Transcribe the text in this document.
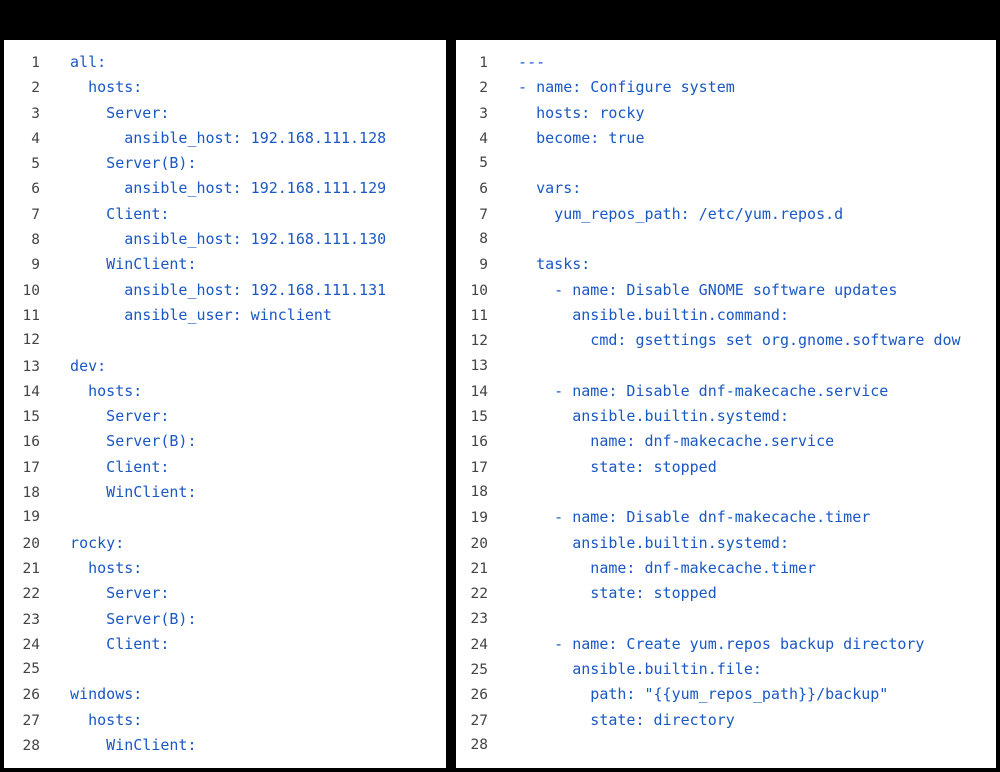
1 all:
2 hosts:
3 Server:
4 ansible_host: 192.168.111.128
5 Server(B):
6 ansible_host: 192.168.111.129
7 Client:
8 ansible_host: 192.168.111.130
9 WinClient:
10 ansible_host: 192.168.111.131
11 ansible_user: winclient
12
13 dev:
14 hosts:
15 Server:
16 Server(B):
17 Client:
18 WinClient:
19
20 rocky:
21 hosts:
22 Server:
23 Server(B):
24 Client:
25
26 windows:
27 hosts:
28 WinClient:
1 ---
2 - name: Configure system
3 hosts: rocky
4 become: true
5
6 vars:
7 yum_repos_path: /etc/yum.repos.d
8
9 tasks:
10 - name: Disable GNOME software updates
11 ansible.builtin.command:
12 cmd: gsettings set org.gnome.software dow
13
14 - name: Disable dnf-makecache.service
15 ansible.builtin.systemd:
16 name: dnf-makecache.service
17 state: stopped
18
19 - name: Disable dnf-makecache.timer
20 ansible.builtin.systemd:
21 name: dnf-makecache.timer
22 state: stopped
23
24 - name: Create yum.repos backup directory
25 ansible.builtin.file:
26 path: "{{yum_repos_path}}/backup"
27 state: directory
28
